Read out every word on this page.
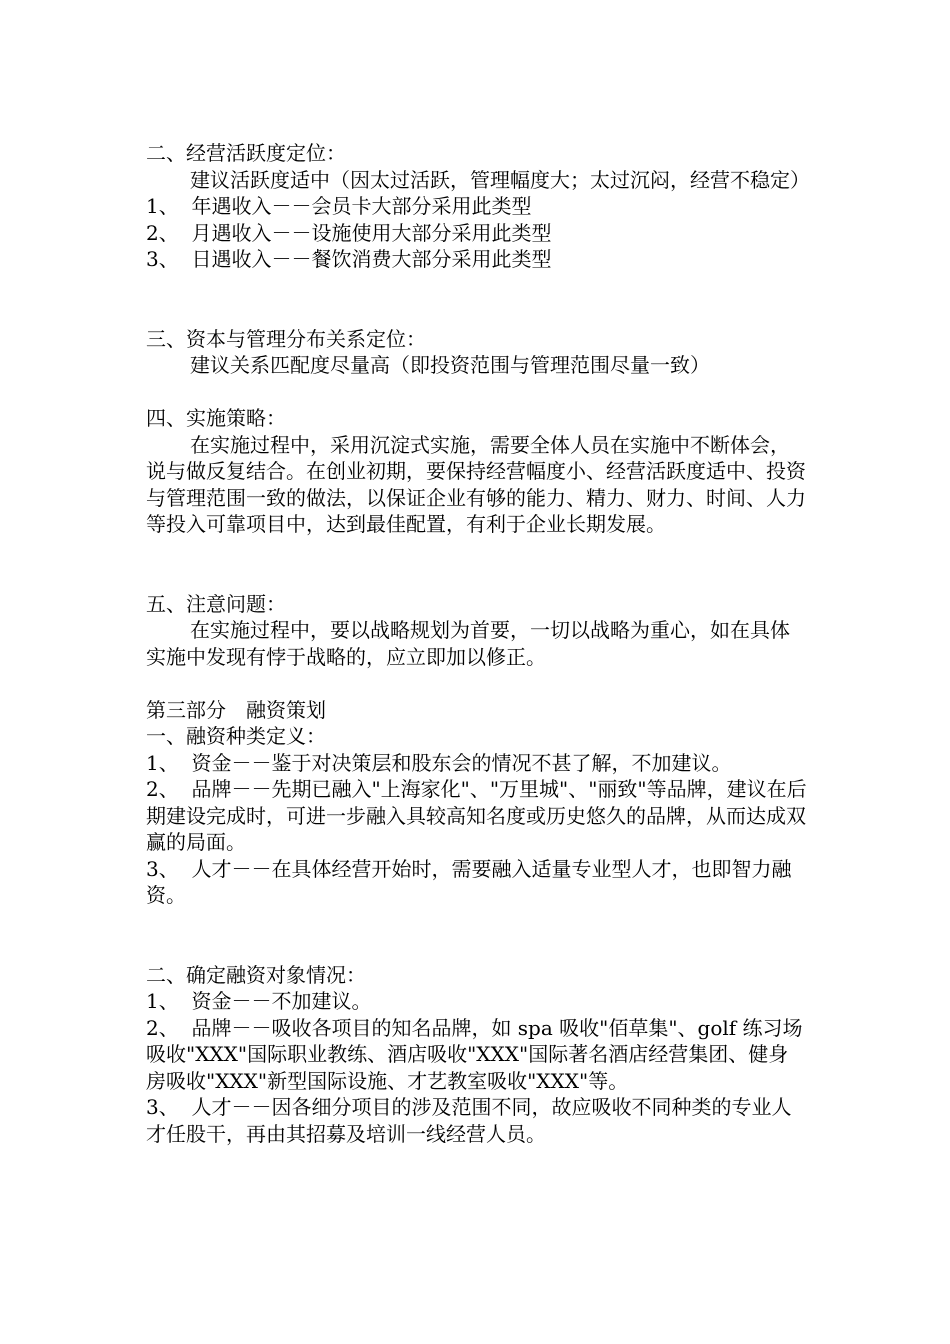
二、经营活跃度定位：

建议活跃度适中（因太过活跃，管理幅度大；太过沉闷，经营不稳定）

1、  年遇收入－－会员卡大部分采用此类型

2、  月遇收入－－设施使用大部分采用此类型

3、  日遇收入－－餐饮消费大部分采用此类型

三、资本与管理分布关系定位：

建议关系匹配度尽量高（即投资范围与管理范围尽量一致）

四、实施策略：

在实施过程中，采用沉淀式实施，需要全体人员在实施中不断体会，说与做反复结合。在创业初期，要保持经营幅度小、经营活跃度适中、投资与管理范围一致的做法，以保证企业有够的能力、精力、财力、时间、人力等投入可靠项目中，达到最佳配置，有利于企业长期发展。

五、注意问题：

在实施过程中，要以战略规划为首要，一切以战略为重心，如在具体实施中发现有悖于战略的，应立即加以修正。

第三部分　融资策划

一、融资种类定义：

1、  资金－－鉴于对决策层和股东会的情况不甚了解，不加建议。

2、  品牌－－先期已融入"上海家化"、"万里城"、"丽致"等品牌，建议在后期建设完成时，可进一步融入具较高知名度或历史悠久的品牌，从而达成双赢的局面。

3、  人才－－在具体经营开始时，需要融入适量专业型人才，也即智力融资。

二、确定融资对象情况：

1、  资金－－不加建议。

2、  品牌－－吸收各项目的知名品牌，如 spa 吸收"佰草集"、golf 练习场吸收"XXX"国际职业教练、酒店吸收"XXX"国际著名酒店经营集团、健身房吸收"XXX"新型国际设施、才艺教室吸收"XXX"等。

3、  人才－－因各细分项目的涉及范围不同，故应吸收不同种类的专业人才任股干，再由其招募及培训一线经营人员。
